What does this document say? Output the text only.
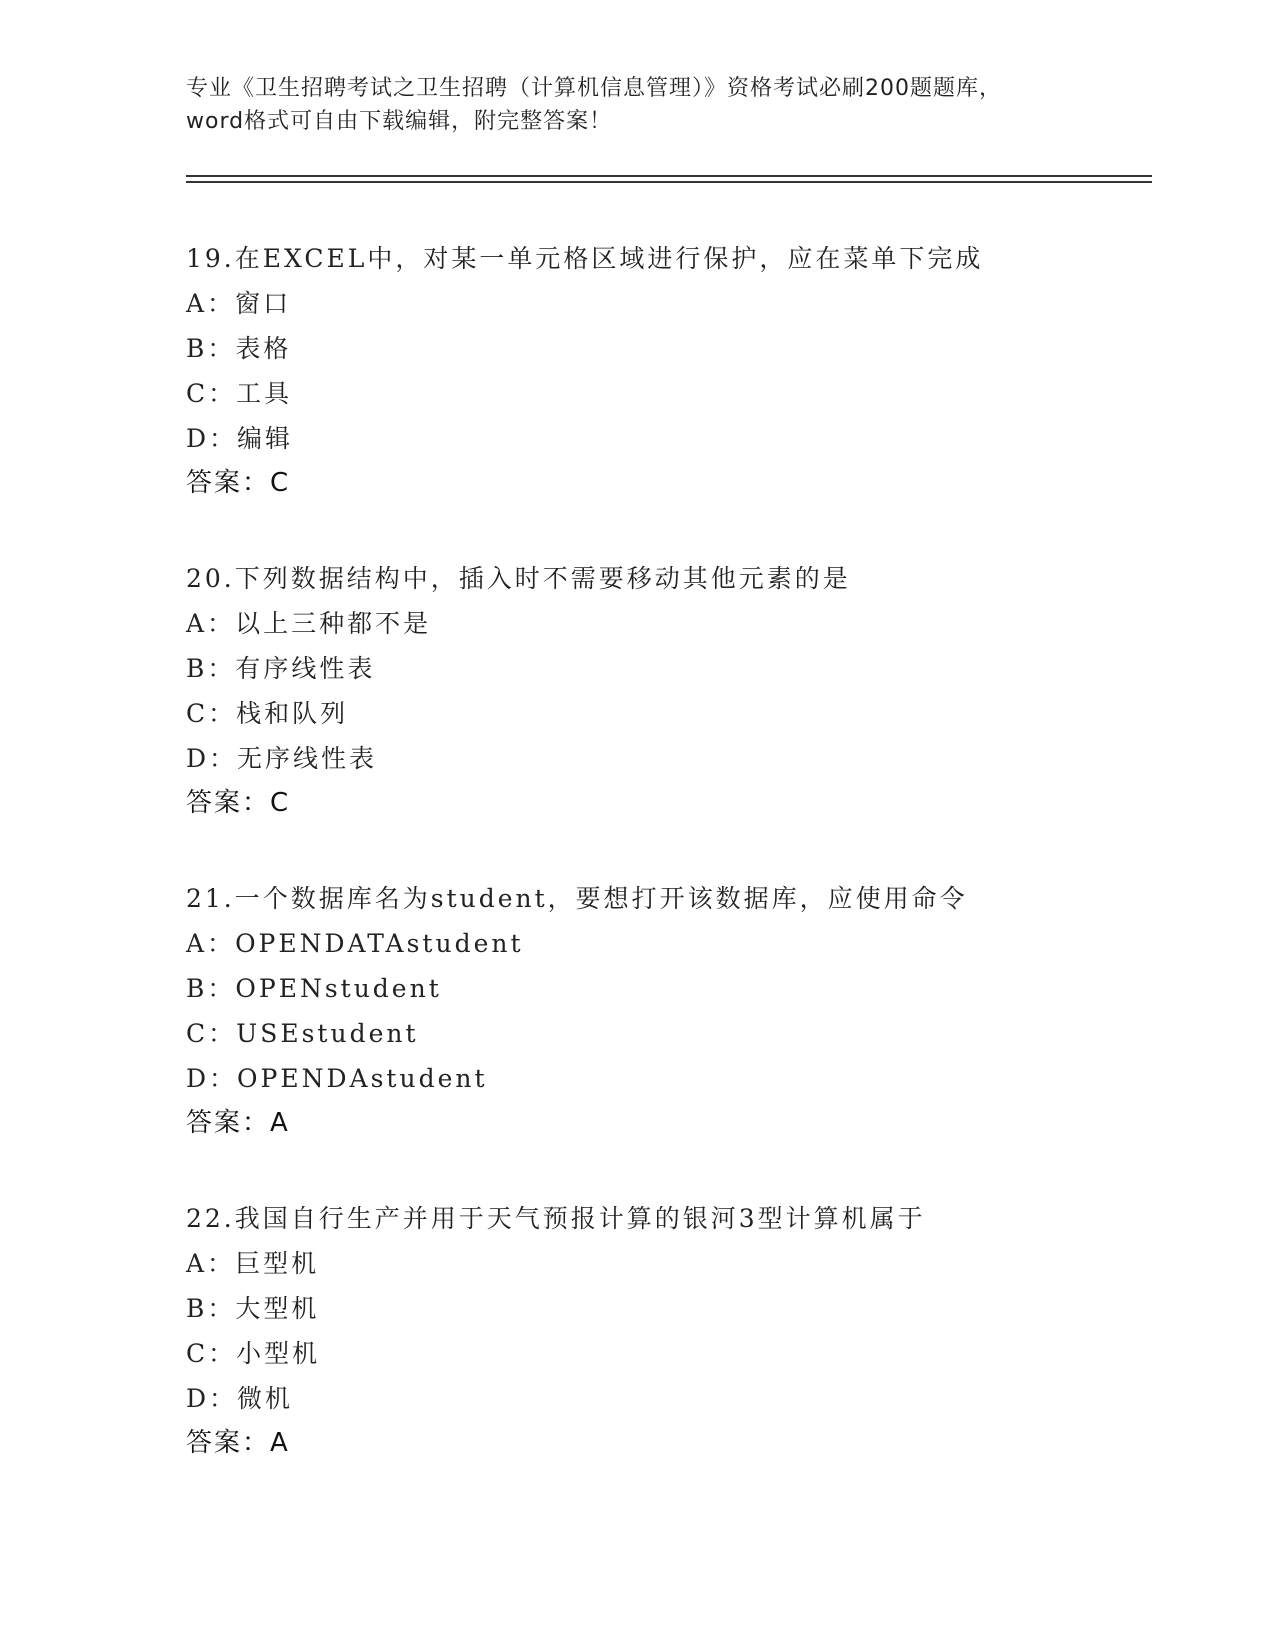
专业《卫生招聘考试之卫生招聘（计算机信息管理）》资格考试必刷200题题库，
word格式可自由下载编辑，附完整答案！
19.在EXCEL中，对某一单元格区域进行保护，应在菜单下完成
A：窗口
B：表格
C：工具
D：编辑
答案：C
20.下列数据结构中，插入时不需要移动其他元素的是
A：以上三种都不是
B：有序线性表
C：栈和队列
D：无序线性表
答案：C
21.一个数据库名为student，要想打开该数据库，应使用命令
A：OPENDATAstudent
B：OPENstudent
C：USEstudent
D：OPENDAstudent
答案：A
22.我国自行生产并用于天气预报计算的银河3型计算机属于
A：巨型机
B：大型机
C：小型机
D：微机
答案：A
